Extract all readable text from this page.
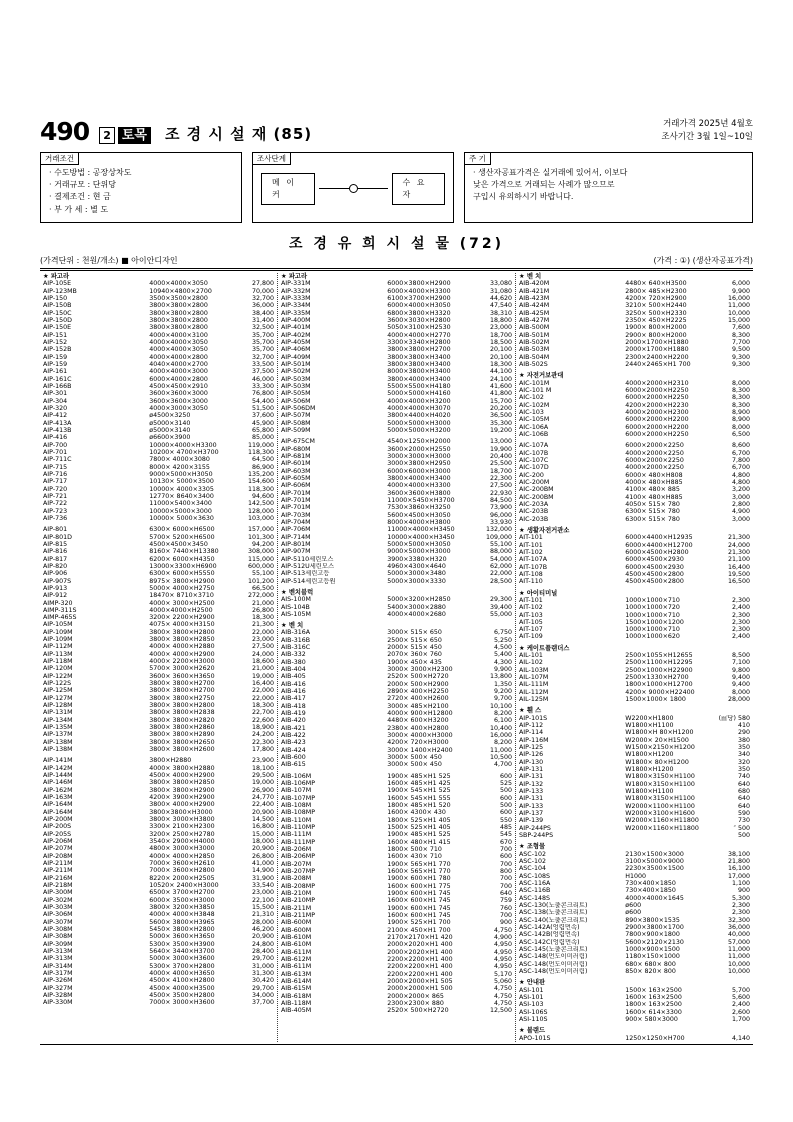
490	2 토목 조 경 시 설 재 (85)
거래가격 2025년 4월호
조사기간 3월 1일~10일
거래조건
· 수도방법 : 공장상차도
· 거래규모 : 단위당
· 결제조건 : 현 금
· 부 가 세 : 별 도
조사단계
메 이 커
수 요 자
주 기
· 생산자공표가격은 실거래에 있어서, 이보다
낮은 가격으로 거래되는 사례가 많으므로
구입시 유의하시기 바랍니다.
조 경 유 희 시 설 물 (72)
(가격단위 : 천원/개소) ■ 아이안디자인	(가격 : ①) (생산자공표가격)
★ 파고라
AIP-105E	4000×4000×3050	27,800
AIP-123MB	10940×4800×2700	70,000
AIP-150	3500×3500×2800	32,700
AIP-150B	3800×3800×2800	36,000
AIP-150C	3800×3800×2800	38,400
AIP-150D	3800×3800×2800	31,400
AIP-150E	3800×3800×2800	32,500
AIP-151	4000×4000×3100	35,700
AIP-152	4000×4000×3050	35,700
AIP-152B	4000×4000×3050	35,700
AIP-159	4000×4000×2800	32,700
AIP-159	4040×4000×2700	33,500
AIP-161	4000×4000×3000	37,500
AIP-161C	6000×4000×2800	46,000
AIP-166B	4500×4500×2910	33,300
AIP-301	3600×3600×3000	76,800
AIP-304	3600×3600×3000	54,400
AIP-320	4000×3000×3050	51,500
AIP-412	ø4500×3250	37,600
AIP-413A	ø5000×3140	45,900
AIP-413B	ø5000×3140	65,800
AIP-416	ø6600×3900	85,000
AIP-700	10000×4000×H3300	119,000
AIP-701	10200× 4700×H3700	118,300
AIP-711C	7800× 4000×3080	64,500
AIP-715	8000× 4200×3155	86,900
AIP-716	9000×5000×H3050	135,200
AIP-717	10130× 5000×3500	154,600
AIP-720	10000× 4000×3305	118,300
AIP-721	12770× 8640×3400	94,600
AIP-722	11000×5400×3400	142,500
AIP-723	10000×5000×3000	128,000
AIP-736	10000× 5000×3630	103,000
AIP-801	6300× 6000×H6500	157,000
AIP-801D	5700× 5200×H6500	101,300
AIP-815	4500×4500×3450	94,200
AIP-816	8160× 7440×H13380	308,000
AIP-817	6200× 6000×H4350	115,000
AIP-820	13000×3300×H6900	600,000
AIP-906	6300× 6000×H5550	55,100
AIP-907S	8975× 3800×H2900	101,200
AIP-913	5000× 4000×H2750	66,500
AIP-912	18470× 8710×3710	272,000
AIMP-320	4000× 3000×H2500	21,000
AIMP-311S	4000×4000×H2500	26,800
AIMP-465S	3200× 2200×H2900	18,300
AIP-105M	4075× 4000×H3150	21,300
AIP-109M	3800× 3800×H2800	22,000
AIP-109M	3800× 3800×H2850	23,000
AIP-112M	4000× 4000×H2880	27,500
AIP-113M	4000× 4000×H2900	24,000
AIP-118M	4000× 2200×H3000	18,600
AIP-120M	5700× 3000×H2620	21,000
AIP-122M	3600× 3600×H3650	19,000
AIP-122S	3800× 3800×H2700	16,400
AIP-125M	3800× 3800×H2700	22,000
AIP-127M	3800× 3800×H2750	22,000
AIP-128M	3800× 3800×H2800	18,300
AIP-131M	3800× 3800×H2838	22,700
AIP-134M	3800× 3800×H2820	22,600
AIP-135M	3800× 3800×H2860	18,900
AIP-137M	3800× 3800×H2890	24,200
AIP-138M	3800× 3800×H2650	22,300
AIP-138M	3800× 3800×H2600	17,800
AIP-141M	3800×H2880	23,900
AIP-142M	4000× 3800×H2880	18,100
AIP-144M	4500× 4000×H2900	29,500
AIP-146M	3800× 3800×H2850	19,000
AIP-162M	3800× 3800×H2900	26,900
AIP-163M	4200× 3900×H2900	24,770
AIP-164M	3800× 4000×H2900	22,400
AIP-164M	3800×3800×H3000	20,900
AIP-200M	3800× 3000×H3800	14,500
AIP-200S	3300× 2100×H2300	16,800
AIP-205S	3200× 2500×H2780	15,000
AIP-206M	3540× 2900×H4000	18,000
AIP-207M	4800× 3000×H3000	20,900
AIP-208M	4000× 4000×H2850	26,800
AIP-211M	7000× 3600×H2610	41,000
AIP-211M	7000× 3600×H2800	14,900
AIP-216M	8220× 2000×H2505	31,900
AIP-218M	10520× 2400×H3000	33,540
AIP-300M	6500× 3700×H2700	23,000
AIP-302M	6000× 3500×H3000	22,100
AIP-303M	3800× 3200×H3850	15,500
AIP-306M	4000× 4000×H3848	21,310
AIP-307M	5600× 3800×H3965	28,000
AIP-308M	5450× 3800×H2800	46,200
AIP-308M	5000× 3600×H3650	20,900
AIP-309M	5300× 3500×H3900	24,800
AIP-313M	5640× 3440×H3700	28,400
AIP-313M	5000× 3000×H3600	29,700
AIP-314M	5300× 3700×H2800	31,000
AIP-317M	4000× 4000×H3650	31,300
AIP-326M	4500× 4100×H2800	30,420
AIP-327M	4500× 4000×H3500	29,700
AIP-328M	4500× 3500×H2800	34,000
AIP-330M	7000× 3000×H3600	37,700
★ 파고라
AIP-331M	6000×3800×H2900	33,080
AIP-332M	6000×4000×H3300	31,080
AIP-333M	6100×3700×H2900	44,620
AIP-334M	6000×4000×H3050	47,540
AIP-335M	6800×3800×H3320	38,310
AIP-400M	3600×3030×H2800	18,800
AIP-401M	5050×3100×H2530	23,000
AIP-402M	4000×4000×H2770	18,700
AIP-405M	3300×3340×H2800	18,500
AIP-406M	3800×3800×H2700	20,100
AIP-409M	3800×3800×H3400	20,100
AIP-501M	3800×3800×H3400	18,300
AIP-502M	8000×3800×H3400	44,100
AIP-503M	3800×4000×H3400	24,100
AIP-503M	5500×5500×H4180	41,600
AIP-505M	5000×5000×H4160	41,800
AIP-506M	4000×4000×H3200	15,700
AIP-506DM	4000×4000×H3070	20,200
AIP-507M	3800×4400×H4020	36,500
AIP-508M	5000×5000×H3000	35,300
AIP-509M	5000×5000×H3200	19,200
AIP-675CM	4540×1250×H2000	13,000
AIP-680M	3600×2000×H2550	19,900
AIP-681M	3000×3000×H3000	20,400
AIP-601M	3000×3800×H2950	25,500
AIP-603M	6000×6000×H3000	18,700
AIP-605M	3800×4000×H3400	22,300
AIP-606M	4000×4000×H3300	27,500
AIP-701M	3600×3600×H3800	22,930
AIP-701M	11000×5450×H3700	84,500
AIP-701M	7530×3860×H3250	73,900
AIP-703M	5600×4500×H3050	96,000
AIP-704M	8000×4000×H3800	33,930
AIP-706M	11000×4000×H3450	132,000
AIP-714M	10000×4000×H3450	109,000
AIP-801M	5000×5000×H3050	55,100
AIP-907M	9000×5000×H3000	88,000
AIP-5110세린모스	3900×3380×H320	54,000
AIP-512U세린모스	4960×4300×4640	62,000
AIP-513세린고등	5000×3000×3480	22,000
AIP-514세린고등원	5000×3000×3330	28,500
★ 벤치블럭
AIS-100M	5000×3200×H2850	29,300
AIS-104B	5400×3000×2880	39,400
AIS-105M	4000×4000×2680	55,000
★ 벤 치
AIB-316A	3000× 515× 650	6,750
AIB-316B	2500× 515× 650	5,250
AIB-316C	2000× 515× 450	4,500
AIB-332	2070× 360× 760	5,400
AIB-380	1900× 450× 435	4,300
AIB-404	3000× 3000×H2300	9,900
AIB-405	2520× 500×H2720	13,800
AIB-416	2000× 500×H2900	1,350
AIB-416	2890× 400×H2250	9,200
AIB-417	2720× 400×H2600	9,700
AIB-418	3000× 485×H2100	10,100
AIB-419	4000× 900×H12800	8,200
AIB-420	4480× 600×H3200	6,100
AIB-421	2380× 400×H2800	10,400
AIB-422	3000× 4000×H3000	16,000
AIB-423	4200× 720×H3000	8,200
AIB-424	3000× 1400×H2400	11,000
AIB-600	3000× 500× 450	10,500
AIB-615	3000× 500× 450	4,700
AIB-106M	1900× 485×H1 525	600
AIB-106MP	1600× 485×H1 425	525
AIB-107M	1900× 545×H1 525	500
AIB-107MP	1600× 545×H1 555	600
AIB-108M	1800× 485×H1 520	500
AIB-108MP	1600× 4300× 430	600
AIB-110M	1800× 525×H1 405	550
AIB-110MP	1500× 525×H1 405	485
AIB-111M	1900× 485×H1 525	545
AIB-111MP	1600× 480×H1 415	670
AIB-206M	1800× 500× 710	700
AIB-206MP	1600× 430× 710	600
AIB-207M	1900× 565×H1 770	700
AIB-207MP	1600× 565×H1 770	800
AIB-208M	1900× 600×H1 780	700
AIB-208MP	1600× 600×H1 775	700
AIB-210M	1900× 600×H1 745	640
AIB-210MP	1600× 600×H1 745	759
AIB-211M	1900× 600×H1 745	760
AIB-211MP	1600× 600×H1 745	700
AIB-600M	1900× 525×H1 700	900
AIB-600M	2100× 450×H1 700	4,750
AIB-610M	2170×2170×H1 420	4,900
AIB-610M	2000×2020×H1 400	4,950
AIB-611M	2000×2020×H1 400	4,950
AIB-612M	2200×2200×H1 400	4,950
AIB-611M	2200×2200×H1 400	4,950
AIB-613M	2200×2200×H1 400	5,170
AIB-614M	2000×2000×H1 505	5,060
AIB-615M	2000×2000×H1 500	4,750
AIB-618M	2000×2000× 865	4,750
AIB-118M	2300×2300× 880	4,750
AIB-405M	2520× 500×H2720	12,500
★ 벤 치
AIB-420M	4480× 640×H3500	6,000
AIB-421M	2800× 485×H2300	9,900
AIB-423M	4200× 720×H2900	16,000
AIB-424M	3210× 500×H2440	11,000
AIB-425M	3250× 500×H2330	10,000
AIB-427M	2350× 450×H2225	15,000
AIB-500M	1900× 800×H2000	7,600
AIB-501M	2900× 800×H2000	8,300
AIB-502M	2000×1700×H1880	7,700
AIB-503M	2000×1700×H1880	9,500
AIB-504M	2300×2400×H2200	9,300
AIB-502S	2440×2465×H1 700	9,300
★ 자전거보관대
AIC-101M	4000×2000×H2310	8,000
AIC-101 M	6000×2000×H2250	8,300
AIC-102	6000×2000×H2250	8,300
AIC-102M	4200×2000×H2230	8,300
AIC-103	4000×2000×H2300	8,900
AIC-105M	6000×2000×H2200	8,900
AIC-106A	6000×2000×H2200	8,000
AIC-106B	6000×2000×H2250	6,500
AIC-107A	6000×2000×2250	8,600
AIC-107B	4000×2000×2250	6,700
AIC-107C	6000×2000×2250	7,800
AIC-107D	4000×2000×2250	6,700
AIC-200	6000× 480×H808	4,800
AIC-200M	4000× 480×H885	4,800
AIC-200BM	4100× 480× 885	3,200
AIC-200BM	4100× 480×H885	3,000
AIC-203A	4050× 515× 780	2,800
AIC-203B	6300× 515× 780	4,900
AIC-203B	6300× 515× 780	3,000
★ 생활자전거관소
AIT-101	6000×4400×H12935	21,300
AIT-101	6000×4400×H12700	24,000
AIT-102	6000×4500×H2800	21,300
AIT-107A	6000×4500×2930	21,100
AIT-107B	6000×4500×2930	16,400
AIT-108	4500×4500×2800	19,500
AIT-110	4500×4500×2800	16,500
★ 아이티미널
AIT-101	1000×1000×710	2,300
AIT-102	1000×1000×720	2,400
AIT-103	1000×1000×710	2,300
AIT-105	1500×1000×1200	2,300
AIT-107	1000×1000×710	2,300
AIT-109	1000×1000×620	2,400
★ 케이트플랜더스
AIL-101	2500×1055×H12655	8,500
AIL-102	2500×1100×H12295	7,100
AIL-103M	2500×1000×H22900	9,800
AIL-107M	2500×1330×H2700	9,400
AIL-111M	1800×1000×H12700	9,400
AIL-112M	4200× 9000×H22400	8,000
AIL-125M	1500×1000× 1800	28,000
★ 휀 스
AIP-101S	W2200×H1800	(㎡당) 580
AIP-112	W1800×H1100	410
AIP-114	W1800×H 80×H1200	290
AIP-116M	W2000× 20×H1500	380
AIP-125	W1500×2150×H1200	350
AIP-126	W1800×H1200	340
AIP-130	W1800× 80×H1200	320
AIP-131	W1800×H1200	350
AIP-131	W1800×3150×H1100	740
AIP-132	W1800×3150×H1100	640
AIP-133	W1800×H1100	680
AIP-131	W1800×3150×H1100	640
AIP-133	W2000×1100×H1100	640
AIP-137	W2000×3100×H1600	590
AIP-139	W2000×1160×H11800	730
AIP-244PS	W2000×1160×H11800	″ 500
SBP-244PS	500
★ 조형물
ASC-102	2130×1500×3000	38,100
ASC-102	3100×5000×9000	21,800
ASC-104	2230×3500×1500	16,100
ASC-108S	H1000	17,000
ASC-116A	730×400×1850	1,100
ASC-116B	730×400×1850	900
ASC-148S	4000×4000×1645	5,300
ASC-130(노출콘크리트)	ø600	2,300
ASC-138(노출콘크리트)	ø600	2,300
ASC-140(노출콘크리트)	890×3800×1535	32,300
ASC-142A(엉렴먼속)	2900×3800×1700	36,000
ASC-142B(엉렴먼속)	7800×900×1800	40,000
ASC-142C(엉렴먼속)	5600×2120×2130	57,000
ASC-145(노출콘크리트)	1000×900×1500	11,000
ASC-148(먼도이미러림)	1180×150×1000	11,000
ASC-148(먼도이미러림)	680× 680× 800	10,000
ASC-148(먼도이미러림)	850× 820× 800	10,000
★ 안내판
ASI-101	1500× 163×2500	5,700
ASI-101	1600× 163×2500	5,600
ASI-103	1800× 163×2500	2,400
ASI-106S	1600× 614×3300	2,600
ASI-110S	900× 580×3000	1,700
★ 볼랜드
APO-101S	1250×1250×H700	4,140
